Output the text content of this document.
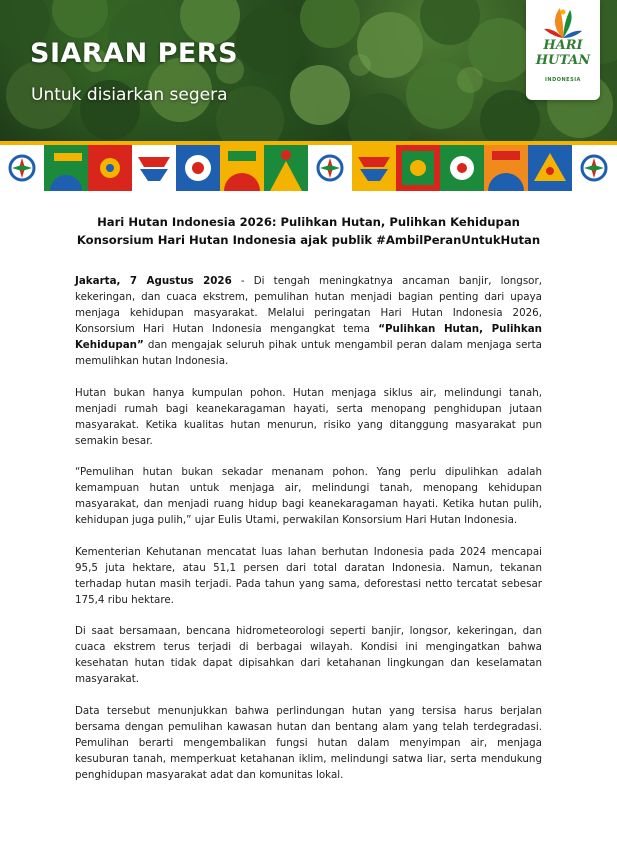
SIARAN PERS
Untuk disiarkan segera
HARI
HUTAN
INDONESIA
Hari Hutan Indonesia 2026: Pulihkan Hutan, Pulihkan Kehidupan
Konsorsium Hari Hutan Indonesia ajak publik #AmbilPeranUntukHutan

Jakarta, 7 Agustus 2026 - Di tengah meningkatnya ancaman banjir, longsor, kekeringan, dan cuaca ekstrem, pemulihan hutan menjadi bagian penting dari upaya menjaga kehidupan masyarakat. Melalui peringatan Hari Hutan Indonesia 2026, Konsorsium Hari Hutan Indonesia mengangkat tema “Pulihkan Hutan, Pulihkan Kehidupan” dan mengajak seluruh pihak untuk mengambil peran dalam menjaga serta memulihkan hutan Indonesia.

Hutan bukan hanya kumpulan pohon. Hutan menjaga siklus air, melindungi tanah, menjadi rumah bagi keanekaragaman hayati, serta menopang penghidupan jutaan masyarakat. Ketika kualitas hutan menurun, risiko yang ditanggung masyarakat pun semakin besar.

“Pemulihan hutan bukan sekadar menanam pohon. Yang perlu dipulihkan adalah kemampuan hutan untuk menjaga air, melindungi tanah, menopang kehidupan masyarakat, dan menjadi ruang hidup bagi keanekaragaman hayati. Ketika hutan pulih, kehidupan juga pulih,” ujar Eulis Utami, perwakilan Konsorsium Hari Hutan Indonesia.

Kementerian Kehutanan mencatat luas lahan berhutan Indonesia pada 2024 mencapai 95,5 juta hektare, atau 51,1 persen dari total daratan Indonesia. Namun, tekanan terhadap hutan masih terjadi. Pada tahun yang sama, deforestasi netto tercatat sebesar 175,4 ribu hektare.

Di saat bersamaan, bencana hidrometeorologi seperti banjir, longsor, kekeringan, dan cuaca ekstrem terus terjadi di berbagai wilayah. Kondisi ini mengingatkan bahwa kesehatan hutan tidak dapat dipisahkan dari ketahanan lingkungan dan keselamatan masyarakat.

Data tersebut menunjukkan bahwa perlindungan hutan yang tersisa harus berjalan bersama dengan pemulihan kawasan hutan dan bentang alam yang telah terdegradasi. Pemulihan berarti mengembalikan fungsi hutan dalam menyimpan air, menjaga kesuburan tanah, memperkuat ketahanan iklim, melindungi satwa liar, serta mendukung penghidupan masyarakat adat dan komunitas lokal.
